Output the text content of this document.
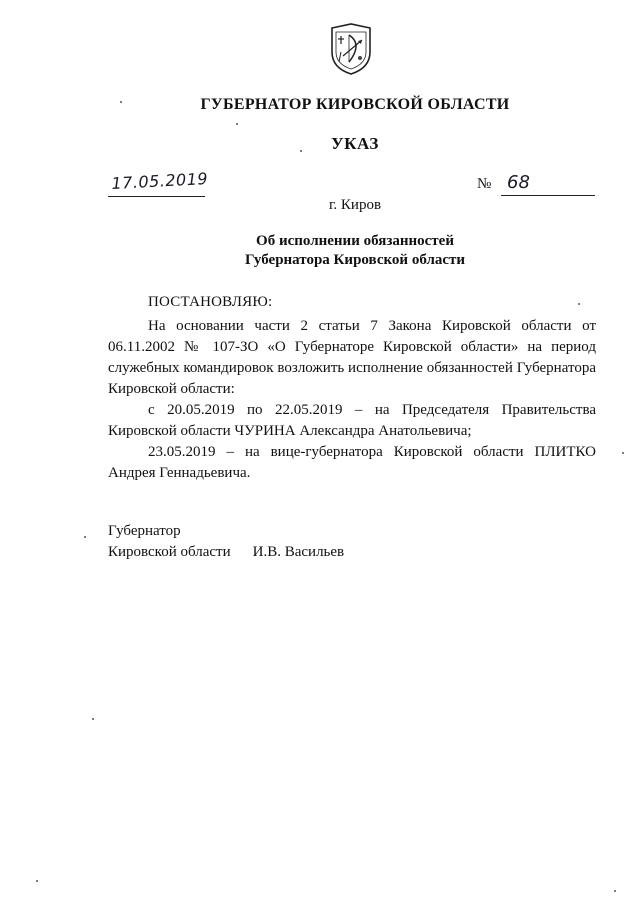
ГУБЕРНАТОР КИРОВСКОЙ ОБЛАСТИ
УКАЗ
17.05.2019	№ 68
г. Киров
Об исполнении обязанностей
Губернатора Кировской области
ПОСТАНОВЛЯЮ:

На основании части 2 статьи 7 Закона Кировской области от 06.11.2002 № 107-ЗО «О Губернаторе Кировской области» на период служебных командировок возложить исполнение обязанностей Губернатора Кировской области:

с 20.05.2019 по 22.05.2019 – на Председателя Правительства Кировской области ЧУРИНА Александра Анатольевича;

23.05.2019 – на вице-губернатора Кировской области ПЛИТКО Андрея Геннадьевича.

Губернатор
Кировской области И.В. Васильев
